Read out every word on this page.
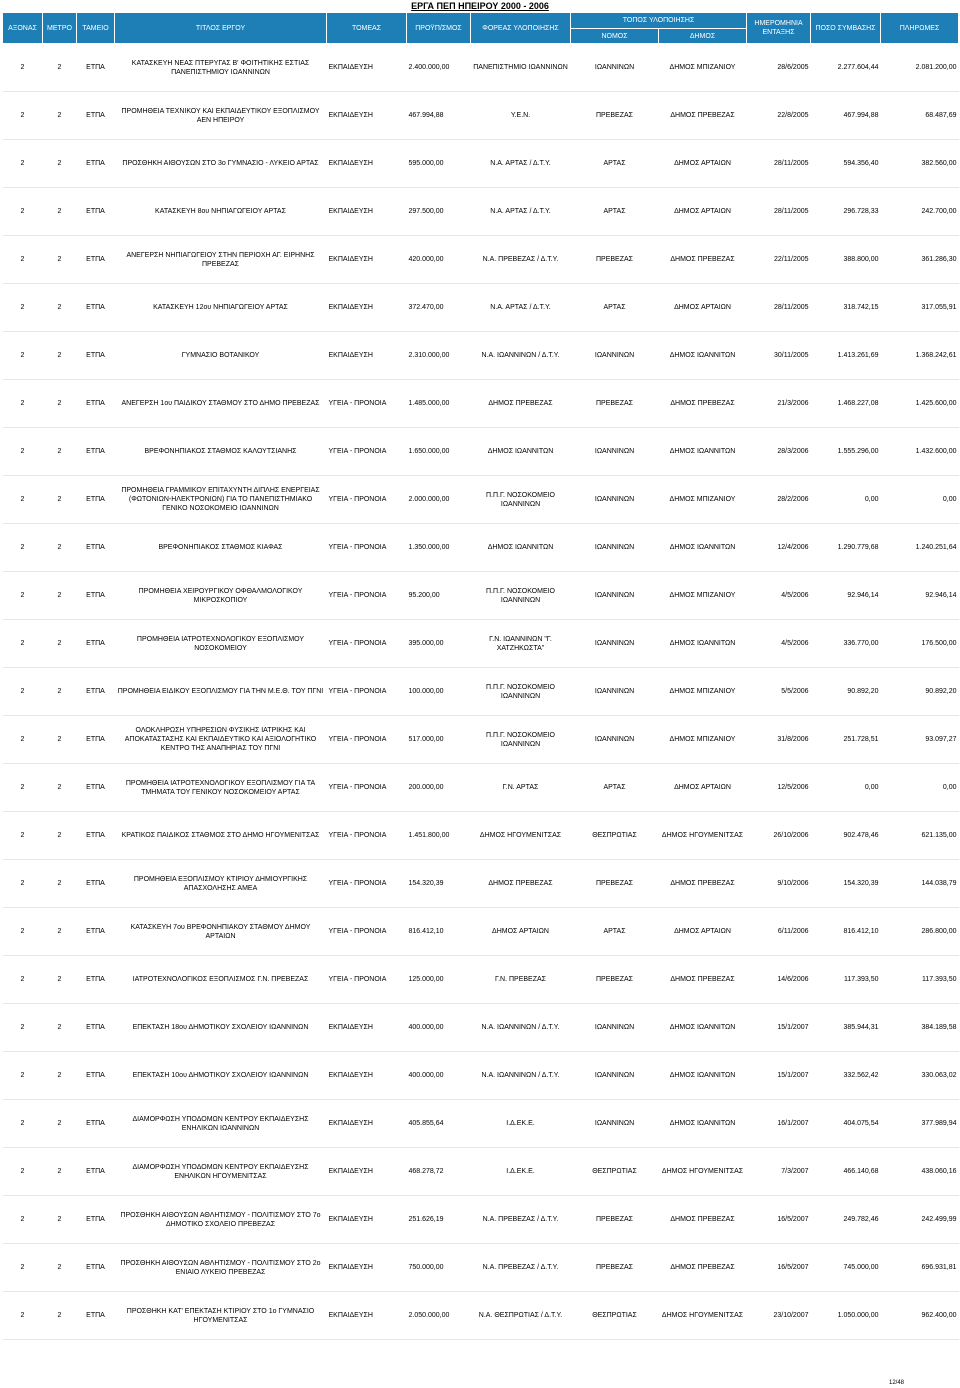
ΕΡΓΑ ΠΕΠ ΗΠΕΙΡΟΥ 2000 - 2006
ΑΞΟΝΑΣ	ΜΕΤΡΟ	ΤΑΜΕΙΟ	ΤΙΤΛΟΣ ΕΡΓΟΥ	ΤΟΜΕΑΣ	ΠΡΟΫΠ/ΣΜΟΣ	ΦΟΡΕΑΣ ΥΛΟΠΟΙΗΣΗΣ	ΤΟΠΟΣ ΥΛΟΠΟΙΗΣΗΣ		ΗΜΕΡΟΜΗΝΙΑ ΕΝΤΑΞΗΣ	ΠΟΣΟ ΣΥΜΒΑΣΗΣ	ΠΛΗΡΩΜΕΣ
							ΝΟΜΟΣ	ΔΗΜΟΣ			
2	2	ΕΤΠΑ	ΚΑΤΑΣΚΕΥΗ ΝΕΑΣ ΠΤΕΡΥΓΑΣ Β' ΦΟΙΤΗΤΙΚΗΣ ΕΣΤΙΑΣ ΠΑΝΕΠΙΣΤΗΜΙΟΥ ΙΩΑΝΝΙΝΩΝ	ΕΚΠΑΙΔΕΥΣΗ	2.400.000,00	ΠΑΝΕΠΙΣΤΗΜΙΟ ΙΩΑΝΝΙΝΩΝ	ΙΩΑΝΝΙΝΩΝ	ΔΗΜΟΣ ΜΠΙΖΑΝΙΟΥ	28/6/2005	2.277.604,44	2.081.200,00
2	2	ΕΤΠΑ	ΠΡΟΜΗΘΕΙΑ ΤΕΧΝΙΚΟΥ ΚΑΙ ΕΚΠΑΙΔΕΥΤΙΚΟΥ ΕΞΟΠΛΙΣΜΟΥ ΑΕΝ ΗΠΕΙΡΟΥ	ΕΚΠΑΙΔΕΥΣΗ	467.994,88	Υ.Ε.Ν.	ΠΡΕΒΕΖΑΣ	ΔΗΜΟΣ ΠΡΕΒΕΖΑΣ	22/8/2005	467.994,88	68.487,69
2	2	ΕΤΠΑ	ΠΡΟΣΘΗΚΗ ΑΙΘΟΥΣΩΝ ΣΤΟ 3ο ΓΥΜΝΑΣΙΟ - ΛΥΚΕΙΟ ΑΡΤΑΣ	ΕΚΠΑΙΔΕΥΣΗ	595.000,00	Ν.Α. ΑΡΤΑΣ / Δ.Τ.Υ.	ΑΡΤΑΣ	ΔΗΜΟΣ ΑΡΤΑΙΩΝ	28/11/2005	594.356,40	382.560,00
2	2	ΕΤΠΑ	ΚΑΤΑΣΚΕΥΗ 8ου ΝΗΠΙΑΓΩΓΕΙΟΥ ΑΡΤΑΣ	ΕΚΠΑΙΔΕΥΣΗ	297.500,00	Ν.Α. ΑΡΤΑΣ / Δ.Τ.Υ.	ΑΡΤΑΣ	ΔΗΜΟΣ ΑΡΤΑΙΩΝ	28/11/2005	296.728,33	242.700,00
2	2	ΕΤΠΑ	ΑΝΕΓΕΡΣΗ ΝΗΠΙΑΓΩΓΕΙΟΥ ΣΤΗΝ ΠΕΡΙΟΧΗ ΑΓ. ΕΙΡΗΝΗΣ ΠΡΕΒΕΖΑΣ	ΕΚΠΑΙΔΕΥΣΗ	420.000,00	Ν.Α. ΠΡΕΒΕΖΑΣ / Δ.Τ.Υ.	ΠΡΕΒΕΖΑΣ	ΔΗΜΟΣ ΠΡΕΒΕΖΑΣ	22/11/2005	388.800,00	361.286,30
2	2	ΕΤΠΑ	ΚΑΤΑΣΚΕΥΗ 12ου ΝΗΠΙΑΓΩΓΕΙΟΥ ΑΡΤΑΣ	ΕΚΠΑΙΔΕΥΣΗ	372.470,00	Ν.Α. ΑΡΤΑΣ / Δ.Τ.Υ.	ΑΡΤΑΣ	ΔΗΜΟΣ ΑΡΤΑΙΩΝ	28/11/2005	318.742,15	317.055,91
2	2	ΕΤΠΑ	ΓΥΜΝΑΣΙΟ ΒΟΤΑΝΙΚΟΥ	ΕΚΠΑΙΔΕΥΣΗ	2.310.000,00	Ν.Α. ΙΩΑΝΝΙΝΩΝ / Δ.Τ.Υ.	ΙΩΑΝΝΙΝΩΝ	ΔΗΜΟΣ ΙΩΑΝΝΙΤΩΝ	30/11/2005	1.413.261,69	1.368.242,61
2	2	ΕΤΠΑ	ΑΝΕΓΕΡΣΗ 1ου ΠΑΙΔΙΚΟΥ ΣΤΑΘΜΟΥ ΣΤΟ ΔΗΜΟ ΠΡΕΒΕΖΑΣ	ΥΓΕΙΑ - ΠΡΟΝΟΙΑ	1.485.000,00	ΔΗΜΟΣ ΠΡΕΒΕΖΑΣ	ΠΡΕΒΕΖΑΣ	ΔΗΜΟΣ ΠΡΕΒΕΖΑΣ	21/3/2006	1.468.227,08	1.425.600,00
2	2	ΕΤΠΑ	ΒΡΕΦΟΝΗΠΙΑΚΟΣ ΣΤΑΘΜΟΣ ΚΑΛΟΥΤΣΙΑΝΗΣ	ΥΓΕΙΑ - ΠΡΟΝΟΙΑ	1.650.000,00	ΔΗΜΟΣ ΙΩΑΝΝΙΤΩΝ	ΙΩΑΝΝΙΝΩΝ	ΔΗΜΟΣ ΙΩΑΝΝΙΤΩΝ	28/3/2006	1.555.296,00	1.432.600,00
2	2	ΕΤΠΑ	ΠΡΟΜΗΘΕΙΑ ΓΡΑΜΜΙΚΟΥ ΕΠΙΤΑΧΥΝΤΗ ΔΙΠΛΗΣ ΕΝΕΡΓΕΙΑΣ (ΦΩΤΟΝΙΩΝ-ΗΛΕΚΤΡΟΝΙΩΝ) ΓΙΑ ΤΟ ΠΑΝΕΠΙΣΤΗΜΙΑΚΟ ΓΕΝΙΚΟ ΝΟΣΟΚΟΜΕΙΟ ΙΩΑΝΝΙΝΩΝ	ΥΓΕΙΑ - ΠΡΟΝΟΙΑ	2.000.000,00	Π.Π.Γ. ΝΟΣΟΚΟΜΕΙΟ ΙΩΑΝΝΙΝΩΝ	ΙΩΑΝΝΙΝΩΝ	ΔΗΜΟΣ ΜΠΙΖΑΝΙΟΥ	28/2/2006	0,00	0,00
2	2	ΕΤΠΑ	ΒΡΕΦΟΝΗΠΙΑΚΟΣ ΣΤΑΘΜΟΣ ΚΙΑΦΑΣ	ΥΓΕΙΑ - ΠΡΟΝΟΙΑ	1.350.000,00	ΔΗΜΟΣ ΙΩΑΝΝΙΤΩΝ	ΙΩΑΝΝΙΝΩΝ	ΔΗΜΟΣ ΙΩΑΝΝΙΤΩΝ	12/4/2006	1.290.779,68	1.240.251,64
2	2	ΕΤΠΑ	ΠΡΟΜΗΘΕΙΑ ΧΕΙΡΟΥΡΓΙΚΟΥ ΟΦΘΑΛΜΟΛΟΓΙΚΟΥ ΜΙΚΡΟΣΚΟΠΙΟΥ	ΥΓΕΙΑ - ΠΡΟΝΟΙΑ	95.200,00	Π.Π.Γ. ΝΟΣΟΚΟΜΕΙΟ ΙΩΑΝΝΙΝΩΝ	ΙΩΑΝΝΙΝΩΝ	ΔΗΜΟΣ ΜΠΙΖΑΝΙΟΥ	4/5/2006	92.946,14	92.946,14
2	2	ΕΤΠΑ	ΠΡΟΜΗΘΕΙΑ ΙΑΤΡΟΤΕΧΝΟΛΟΓΙΚΟΥ ΕΞΟΠΛΙΣΜΟΥ ΝΟΣΟΚΟΜΕΙΟΥ	ΥΓΕΙΑ - ΠΡΟΝΟΙΑ	395.000,00	Γ.Ν. ΙΩΑΝΝΙΝΩΝ "Γ. ΧΑΤΖΗΚΩΣΤΑ"	ΙΩΑΝΝΙΝΩΝ	ΔΗΜΟΣ ΙΩΑΝΝΙΤΩΝ	4/5/2006	336.770,00	176.500,00
2	2	ΕΤΠΑ	ΠΡΟΜΗΘΕΙΑ ΕΙΔΙΚΟΥ ΕΞΟΠΛΙΣΜΟΥ ΓΙΑ ΤΗΝ Μ.Ε.Θ. ΤΟΥ ΠΓΝΙ	ΥΓΕΙΑ - ΠΡΟΝΟΙΑ	100.000,00	Π.Π.Γ. ΝΟΣΟΚΟΜΕΙΟ ΙΩΑΝΝΙΝΩΝ	ΙΩΑΝΝΙΝΩΝ	ΔΗΜΟΣ ΜΠΙΖΑΝΙΟΥ	5/5/2006	90.892,20	90.892,20
2	2	ΕΤΠΑ	ΟΛΟΚΛΗΡΩΣΗ ΥΠΗΡΕΣΙΩΝ ΦΥΣΙΚΗΣ ΙΑΤΡΙΚΗΣ ΚΑΙ ΑΠΟΚΑΤΑΣΤΑΣΗΣ ΚΑΙ ΕΚΠΑΙΔΕΥΤΙΚΟ ΚΑΙ ΑΞΙΟΛΟΓΗΤΙΚΟ ΚΕΝΤΡΟ ΤΗΣ ΑΝΑΠΗΡΙΑΣ ΤΟΥ ΠΓΝΙ	ΥΓΕΙΑ - ΠΡΟΝΟΙΑ	517.000,00	Π.Π.Γ. ΝΟΣΟΚΟΜΕΙΟ ΙΩΑΝΝΙΝΩΝ	ΙΩΑΝΝΙΝΩΝ	ΔΗΜΟΣ ΜΠΙΖΑΝΙΟΥ	31/8/2006	251.728,51	93.097,27
2	2	ΕΤΠΑ	ΠΡΟΜΗΘΕΙΑ ΙΑΤΡΟΤΕΧΝΟΛΟΓΙΚΟΥ ΕΞΟΠΛΙΣΜΟΥ ΓΙΑ ΤΑ ΤΜΗΜΑΤΑ ΤΟΥ ΓΕΝΙΚΟΥ ΝΟΣΟΚΟΜΕΙΟΥ ΑΡΤΑΣ	ΥΓΕΙΑ - ΠΡΟΝΟΙΑ	200.000,00	Γ.Ν. ΑΡΤΑΣ	ΑΡΤΑΣ	ΔΗΜΟΣ ΑΡΤΑΙΩΝ	12/5/2006	0,00	0,00
2	2	ΕΤΠΑ	ΚΡΑΤΙΚΟΣ ΠΑΙΔΙΚΟΣ ΣΤΑΘΜΟΣ ΣΤΟ ΔΗΜΟ ΗΓΟΥΜΕΝΙΤΣΑΣ	ΥΓΕΙΑ - ΠΡΟΝΟΙΑ	1.451.800,00	ΔΗΜΟΣ ΗΓΟΥΜΕΝΙΤΣΑΣ	ΘΕΣΠΡΩΤΙΑΣ	ΔΗΜΟΣ ΗΓΟΥΜΕΝΙΤΣΑΣ	26/10/2006	902.478,46	621.135,00
2	2	ΕΤΠΑ	ΠΡΟΜΗΘΕΙΑ ΕΞΟΠΛΙΣΜΟΥ ΚΤΙΡΙΟΥ ΔΗΜΙΟΥΡΓΙΚΗΣ ΑΠΑΣΧΟΛΗΣΗΣ ΑΜΕΑ	ΥΓΕΙΑ - ΠΡΟΝΟΙΑ	154.320,39	ΔΗΜΟΣ ΠΡΕΒΕΖΑΣ	ΠΡΕΒΕΖΑΣ	ΔΗΜΟΣ ΠΡΕΒΕΖΑΣ	9/10/2006	154.320,39	144.038,79
2	2	ΕΤΠΑ	ΚΑΤΑΣΚΕΥΗ 7ου ΒΡΕΦΟΝΗΠΙΑΚΟΥ ΣΤΑΘΜΟΥ ΔΗΜΟΥ ΑΡΤΑΙΩΝ	ΥΓΕΙΑ - ΠΡΟΝΟΙΑ	816.412,10	ΔΗΜΟΣ ΑΡΤΑΙΩΝ	ΑΡΤΑΣ	ΔΗΜΟΣ ΑΡΤΑΙΩΝ	6/11/2006	816.412,10	286.800,00
2	2	ΕΤΠΑ	ΙΑΤΡΟΤΕΧΝΟΛΟΓΙΚΟΣ ΕΞΟΠΛΙΣΜΟΣ Γ.Ν. ΠΡΕΒΕΖΑΣ	ΥΓΕΙΑ - ΠΡΟΝΟΙΑ	125.000,00	Γ.Ν. ΠΡΕΒΕΖΑΣ	ΠΡΕΒΕΖΑΣ	ΔΗΜΟΣ ΠΡΕΒΕΖΑΣ	14/6/2006	117.393,50	117.393,50
2	2	ΕΤΠΑ	ΕΠΕΚΤΑΣΗ 18ου ΔΗΜΟΤΙΚΟΥ ΣΧΟΛΕΙΟΥ ΙΩΑΝΝΙΝΩΝ	ΕΚΠΑΙΔΕΥΣΗ	400.000,00	Ν.Α. ΙΩΑΝΝΙΝΩΝ / Δ.Τ.Υ.	ΙΩΑΝΝΙΝΩΝ	ΔΗΜΟΣ ΙΩΑΝΝΙΤΩΝ	15/1/2007	385.944,31	384.189,58
2	2	ΕΤΠΑ	ΕΠΕΚΤΑΣΗ 10ου ΔΗΜΟΤΙΚΟΥ ΣΧΟΛΕΙΟΥ ΙΩΑΝΝΙΝΩΝ	ΕΚΠΑΙΔΕΥΣΗ	400.000,00	Ν.Α. ΙΩΑΝΝΙΝΩΝ / Δ.Τ.Υ.	ΙΩΑΝΝΙΝΩΝ	ΔΗΜΟΣ ΙΩΑΝΝΙΤΩΝ	15/1/2007	332.562,42	330.063,02
2	2	ΕΤΠΑ	ΔΙΑΜΟΡΦΩΣΗ ΥΠΟΔΟΜΩΝ ΚΕΝΤΡΟΥ ΕΚΠΑΙΔΕΥΣΗΣ ΕΝΗΛΙΚΩΝ ΙΩΑΝΝΙΝΩΝ	ΕΚΠΑΙΔΕΥΣΗ	405.855,64	Ι.Δ.ΕΚ.Ε.	ΙΩΑΝΝΙΝΩΝ	ΔΗΜΟΣ ΙΩΑΝΝΙΤΩΝ	16/1/2007	404.075,54	377.989,94
2	2	ΕΤΠΑ	ΔΙΑΜΟΡΦΩΣΗ ΥΠΟΔΟΜΩΝ ΚΕΝΤΡΟΥ ΕΚΠΑΙΔΕΥΣΗΣ ΕΝΗΛΙΚΩΝ ΗΓΟΥΜΕΝΙΤΣΑΣ	ΕΚΠΑΙΔΕΥΣΗ	468.278,72	Ι.Δ.ΕΚ.Ε.	ΘΕΣΠΡΩΤΙΑΣ	ΔΗΜΟΣ ΗΓΟΥΜΕΝΙΤΣΑΣ	7/3/2007	466.140,68	438.060,16
2	2	ΕΤΠΑ	ΠΡΟΣΘΗΚΗ ΑΙΘΟΥΣΩΝ ΑΘΛΗΤΙΣΜΟΥ - ΠΟΛΙΤΙΣΜΟΥ ΣΤΟ 7ο ΔΗΜΟΤΙΚΟ ΣΧΟΛΕΙΟ ΠΡΕΒΕΖΑΣ	ΕΚΠΑΙΔΕΥΣΗ	251.626,19	Ν.Α. ΠΡΕΒΕΖΑΣ / Δ.Τ.Υ.	ΠΡΕΒΕΖΑΣ	ΔΗΜΟΣ ΠΡΕΒΕΖΑΣ	16/5/2007	249.782,46	242.499,99
2	2	ΕΤΠΑ	ΠΡΟΣΘΗΚΗ ΑΙΘΟΥΣΩΝ ΑΘΛΗΤΙΣΜΟΥ - ΠΟΛΙΤΙΣΜΟΥ ΣΤΟ 2ο ΕΝΙΑΙΟ ΛΥΚΕΙΟ ΠΡΕΒΕΖΑΣ	ΕΚΠΑΙΔΕΥΣΗ	750.000,00	Ν.Α. ΠΡΕΒΕΖΑΣ / Δ.Τ.Υ.	ΠΡΕΒΕΖΑΣ	ΔΗΜΟΣ ΠΡΕΒΕΖΑΣ	16/5/2007	745.000,00	696.931,81
2	2	ΕΤΠΑ	ΠΡΟΣΘΗΚΗ ΚΑΤ' ΕΠΕΚΤΑΣΗ ΚΤΙΡΙΟΥ ΣΤΟ 1ο ΓΥΜΝΑΣΙΟ ΗΓΟΥΜΕΝΙΤΣΑΣ	ΕΚΠΑΙΔΕΥΣΗ	2.050.000,00	Ν.Α. ΘΕΣΠΡΩΤΙΑΣ / Δ.Τ.Υ.	ΘΕΣΠΡΩΤΙΑΣ	ΔΗΜΟΣ ΗΓΟΥΜΕΝΙΤΣΑΣ	23/10/2007	1.050.000,00	962.400,00
12/48
